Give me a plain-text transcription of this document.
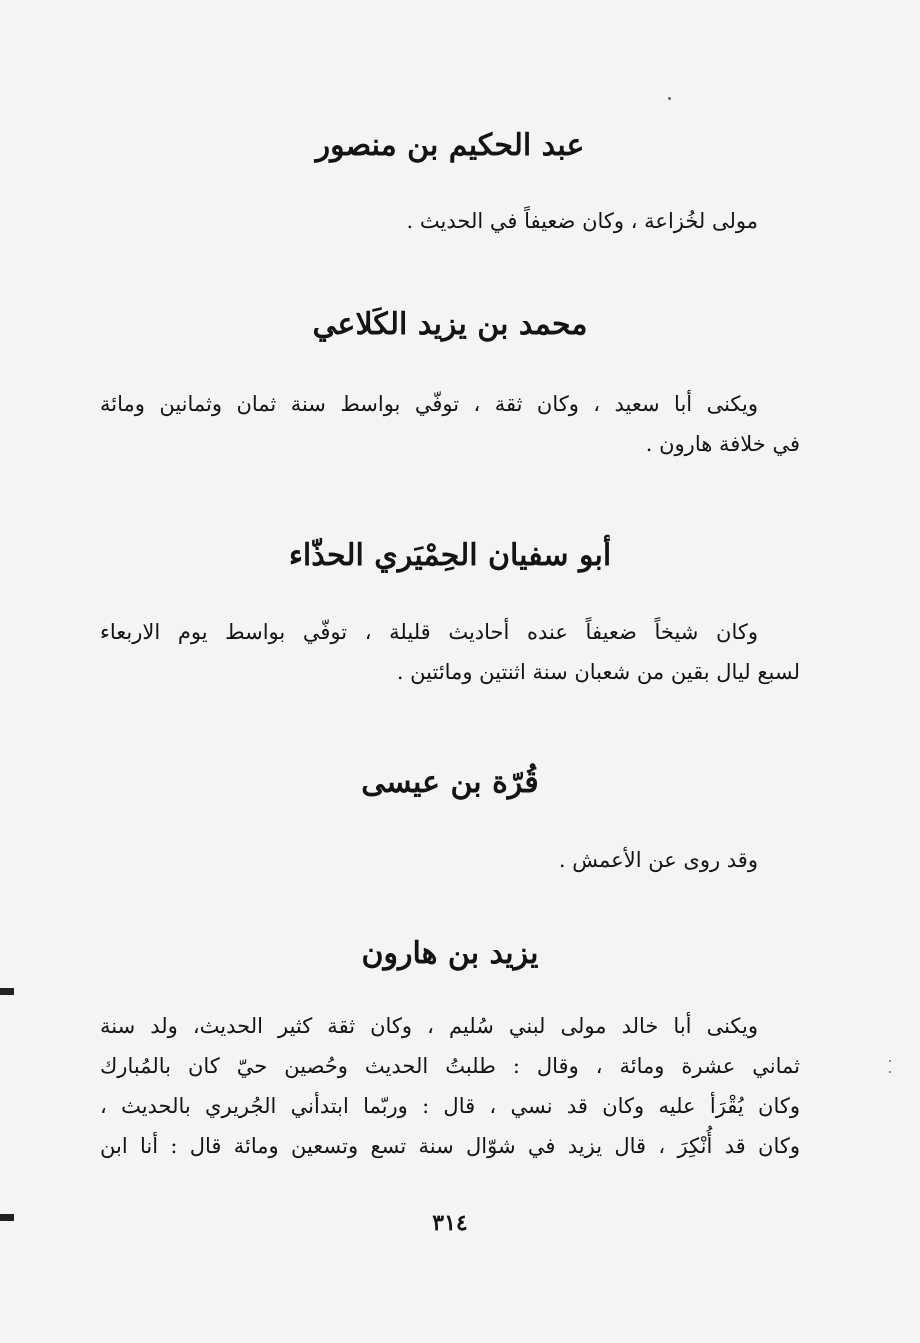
عبد الحكيم بن منصور
مولى لخُزاعة ، وكان ضعيفاً في الحديث .
محمد بن يزيد الكَلاعي
ويكنى أبا سعيد ، وكان ثقة ، توفّي بواسط سنة ثمان وثمانين ومائة
في خلافة هارون .
أبو سفيان الحِمْيَري الحذّاء
وكان شيخاً ضعيفاً عنده أحاديث قليلة ، توفّي بواسط يوم الاربعاء
لسبع ليال بقين من شعبان سنة اثنتين ومائتين .
قُرّة بن عيسى
وقد روى عن الأعمش .
يزيد بن هارون
ويكنى أبا خالد مولى لبني سُليم ، وكان ثقة كثير الحديث، ولد سنة
ثماني عشرة ومائة ، وقال : طلبتُ الحديث وحُصين حيّ كان بالمُبارك
وكان يُقْرَأ عليه وكان قد نسي ، قال : وربّما ابتدأني الجُريري بالحديث ،
وكان قد أُنْكِرَ ، قال يزيد في شوّال سنة تسع وتسعين ومائة قال : أنا ابن
٣١٤
